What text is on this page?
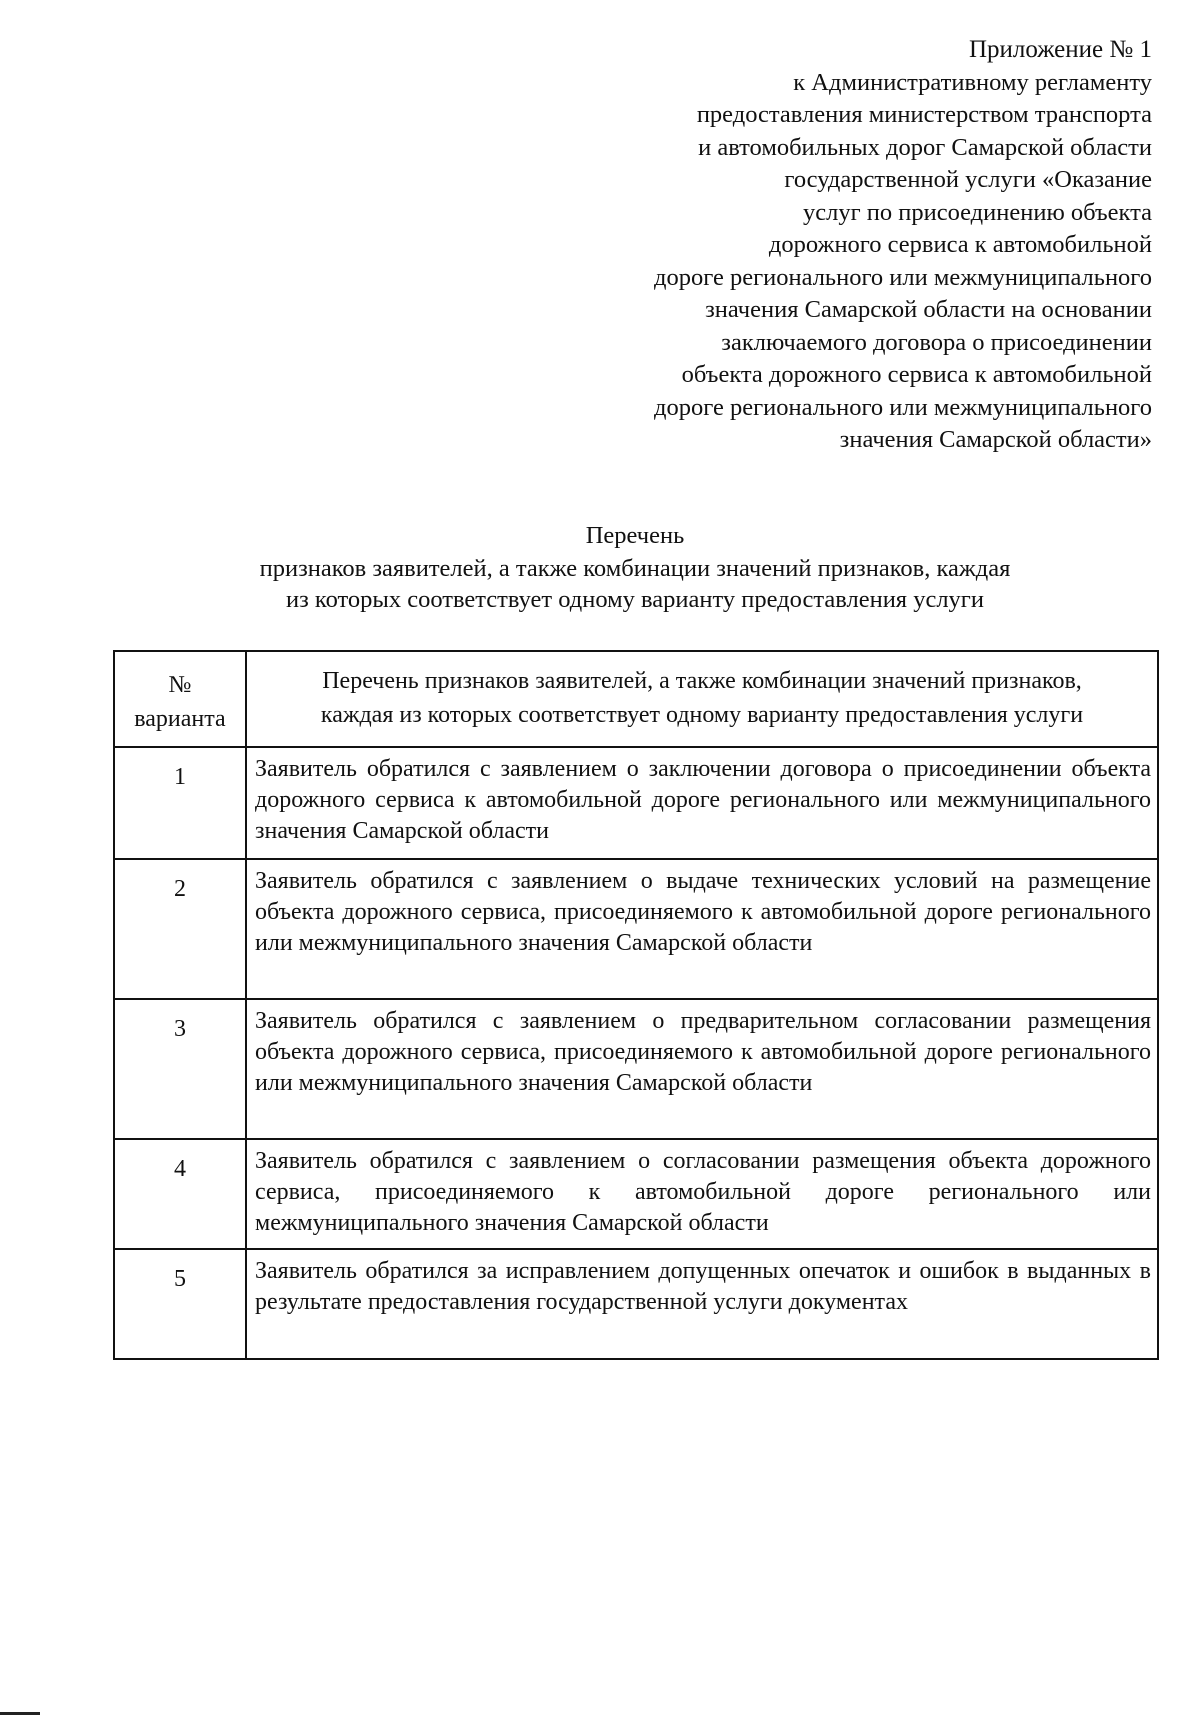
Приложение № 1
к Административному регламенту
предоставления министерством транспорта
и автомобильных дорог Самарской области
государственной услуги «Оказание
услуг по присоединению объекта
дорожного сервиса к автомобильной
дороге регионального или межмуниципального
значения Самарской области на основании
заключаемого договора о присоединении
объекта дорожного сервиса к автомобильной
дороге регионального или межмуниципального
значения Самарской области»
Перечень
признаков заявителей, а также комбинации значений признаков, каждая
из которых соответствует одному варианту предоставления услуги
№
варианта	Перечень признаков заявителей, а также комбинации значений признаков, каждая из которых соответствует одному варианту предоставления услуги
1	Заявитель обратился с заявлением о заключении договора о присоединении объекта дорожного сервиса к автомобильной дороге регионального или межмуниципального значения Самарской области
2	Заявитель обратился с заявлением о выдаче технических условий на размещение объекта дорожного сервиса, присоединяемого к автомобильной дороге регионального или межмуниципального значения Самарской области
3	Заявитель обратился с заявлением о предварительном согласовании размещения объекта дорожного сервиса, присоединяемого к автомобильной дороге регионального или межмуниципального значения Самарской области
4	Заявитель обратился с заявлением о согласовании размещения объекта дорожного сервиса, присоединяемого к автомобильной дороге регионального или межмуниципального значения Самарской области
5	Заявитель обратился за исправлением допущенных опечаток и ошибок в выданных в результате предоставления государственной услуги документах
